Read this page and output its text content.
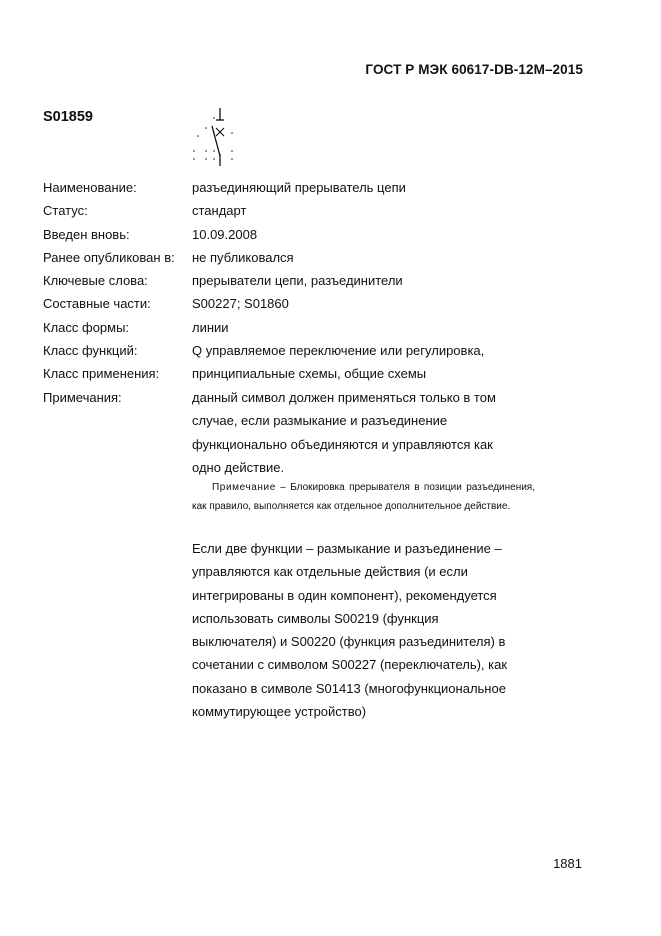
ГОСТ Р МЭК 60617-DB-12M–2015
S01859
Наименование:	разъединяющий прерыватель цепи
Статус:	стандарт
Введен вновь:	10.09.2008
Ранее опубликован в: не публиковался
Ключевые слова:	прерыватели цепи, разъединители
Составные части:	S00227; S01860
Класс формы:	линии
Класс функций:	Q управляемое переключение или регулировка,
Класс применения:	принципиальные схемы, общие схемы
Примечания:	данный символ должен применяться только в том
случае, если размыкание и разъединение
функционально объединяются и управляются как
одно действие.
Примечание – Блокировка прерывателя в позиции разъединения, как правило, выполняется как отдельное дополнительное действие.
Если две функции – размыкание и разъединение –
управляются как отдельные действия (и если
интегрированы в один компонент), рекомендуется
использовать символы S00219 (функция
выключателя) и S00220 (функция разъединителя) в
сочетании с символом S00227 (переключатель), как
показано в символе S01413 (многофункциональное
коммутирующее устройство)
1881
